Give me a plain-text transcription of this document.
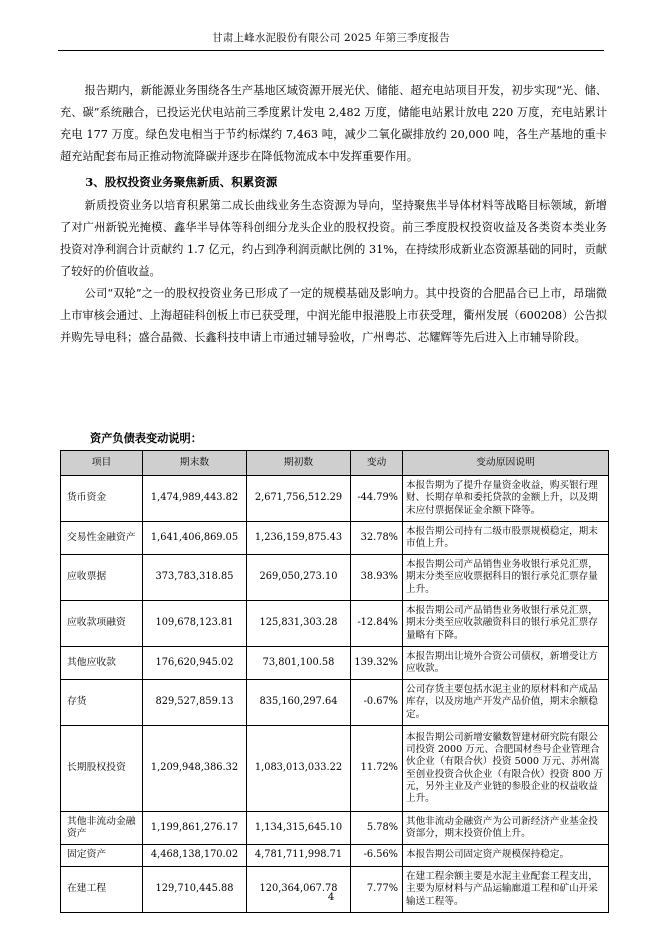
甘肃上峰水泥股份有限公司 2025 年第三季度报告

报告期内，新能源业务围绕各生产基地区域资源开展光伏、储能、超充电站项目开发，初步实现“光、储、充、碳”系统融合，已投运光伏电站前三季度累计发电 2,482 万度，储能电站累计放电 220 万度，充电站累计充电 177 万度。绿色发电相当于节约标煤约 7,463 吨，减少二氧化碳排放约 20,000 吨，各生产基地的重卡超充站配套布局正推动物流降碳并逐步在降低物流成本中发挥重要作用。

3、股权投资业务聚焦新质、积累资源

新质投资业务以培育积累第二成长曲线业务生态资源为导向，坚持聚焦半导体材料等战略目标领域，新增了对广州新锐光掩模、鑫华半导体等科创细分龙头企业的股权投资。前三季度股权投资收益及各类资本类业务投资对净利润合计贡献约 1.7 亿元，约占到净利润贡献比例的 31%，在持续形成新业态资源基础的同时，贡献了较好的价值收益。

公司“双轮”之一的股权投资业务已形成了一定的规模基础及影响力。其中投资的合肥晶合已上市，昂瑞微上市审核会通过、上海超硅科创板上市已获受理，中润光能申报港股上市获受理，衢州发展（600208）公告拟并购先导电科；盛合晶微、长鑫科技申请上市通过辅导验收，广州粤芯、芯耀辉等先后进入上市辅导阶段。

资产负债表变动说明：
项目	期末数	期初数	变动	变动原因说明
货币资金	1,474,989,443.82	2,671,756,512.29	-44.79%	本报告期为了提升存量资金收益，购买银行理财、长期存单和委托贷款的金额上升，以及期末应付票据保证金余额下降等。
交易性金融资产	1,641,406,869.05	1,236,159,875.43	32.78%	本报告期公司持有二级市股票规模稳定，期末市值上升。
应收票据	373,783,318.85	269,050,273.10	38.93%	本报告期公司产品销售业务收银行承兑汇票，期末分类至应收票据科目的银行承兑汇票存量上升。
应收款项融资	109,678,123.81	125,831,303.28	-12.84%	本报告期公司产品销售业务收银行承兑汇票，期末分类至应收款融资科目的银行承兑汇票存量略有下降。
其他应收款	176,620,945.02	73,801,100.58	139.32%	本报告期出让境外合资公司债权，新增受让方应收款。
存货	829,527,859.13	835,160,297.64	-0.67%	公司存货主要包括水泥主业的原材料和产成品库存，以及房地产开发产品价值，期末余额稳定。
长期股权投资	1,209,948,386.32	1,083,013,033.22	11.72%	本报告期公司新增安徽数智建材研究院有限公司投资 2000 万元、合肥国材叁号企业管理合伙企业（有限合伙）投资 5000 万元、苏州嵩至创业投资合伙企业（有限合伙）投资 800 万元，另外主业及产业链的参股企业的权益收益上升。
其他非流动金融资产	1,199,861,276.17	1,134,315,645.10	5.78%	其他非流动金融资产为公司新经济产业基金投资部分，期末投资价值上升。
固定资产	4,468,138,170.02	4,781,711,998.71	-6.56%	本报告期公司固定资产规模保持稳定。
在建工程	129,710,445.88	120,364,067.78	7.77%	在建工程余额主要是水泥主业配套工程支出，主要为原材料与产品运输廊道工程和矿山开采输送工程等。
4
